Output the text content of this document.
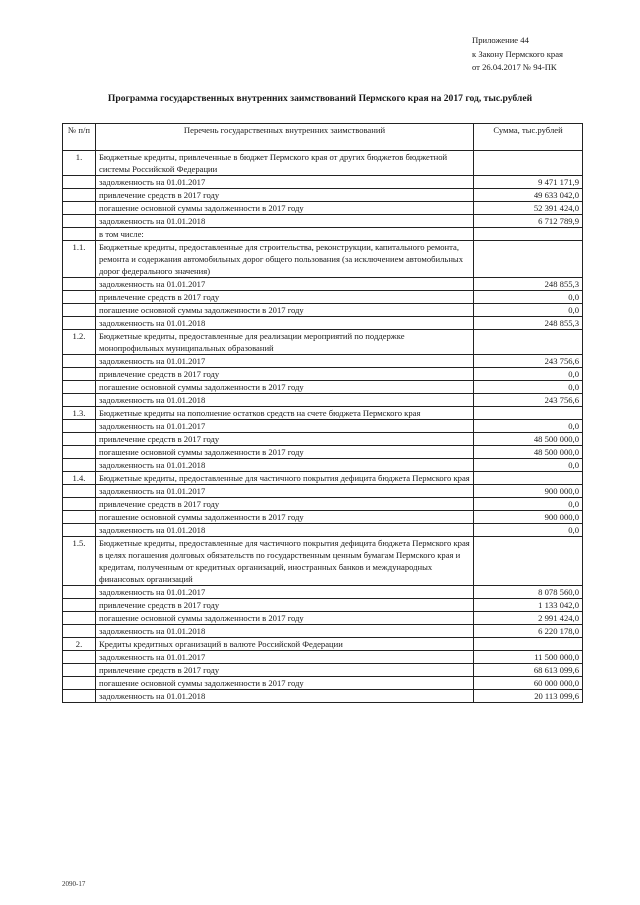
Приложение 44
к Закону Пермского края
от 26.04.2017 № 94-ПК
Программа государственных внутренних заимствований Пермского края на 2017 год, тыс.рублей
№ п/п	Перечень государственных внутренних заимствований	Сумма, тыс.рублей
1.	Бюджетные кредиты, привлеченные в бюджет Пермского края от других бюджетов бюджетной системы Российской Федерации	
	задолженность на 01.01.2017	9 471 171,9
	привлечение средств в 2017 году	49 633 042,0
	погашение основной суммы задолженности в 2017 году	52 391 424,0
	задолженность на 01.01.2018	6 712 789,9
	в том числе:	
1.1.	Бюджетные кредиты, предоставленные для строительства, реконструкции, капитального ремонта, ремонта и содержания автомобильных дорог общего пользования (за исключением автомобильных дорог федерального значения)	
	задолженность на 01.01.2017	248 855,3
	привлечение средств в 2017 году	0,0
	погашение основной суммы задолженности в 2017 году	0,0
	задолженность на 01.01.2018	248 855,3
1.2.	Бюджетные кредиты, предоставленные для реализации мероприятий по поддержке монопрофильных муниципальных образований	
	задолженность на 01.01.2017	243 756,6
	привлечение средств в 2017 году	0,0
	погашение основной суммы задолженности в 2017 году	0,0
	задолженность на 01.01.2018	243 756,6
1.3.	Бюджетные кредиты на пополнение остатков средств на счете бюджета Пермского края	
	задолженность на 01.01.2017	0,0
	привлечение средств в 2017 году	48 500 000,0
	погашение основной суммы задолженности в 2017 году	48 500 000,0
	задолженность на 01.01.2018	0,0
1.4.	Бюджетные кредиты, предоставленные для частичного покрытия дефицита бюджета Пермского края	
	задолженность на 01.01.2017	900 000,0
	привлечение средств в 2017 году	0,0
	погашение основной суммы задолженности в 2017 году	900 000,0
	задолженность на 01.01.2018	0,0
1.5.	Бюджетные кредиты, предоставленные для частичного покрытия дефицита бюджета Пермского края в целях погашения долговых обязательств по государственным ценным бумагам Пермского края и кредитам, полученным от кредитных организаций, иностранных банков и международных финансовых организаций	
	задолженность на 01.01.2017	8 078 560,0
	привлечение средств в 2017 году	1 133 042,0
	погашение основной суммы задолженности в 2017 году	2 991 424,0
	задолженность на 01.01.2018	6 220 178,0
2.	Кредиты кредитных организаций в валюте Российской Федерации	
	задолженность на 01.01.2017	11 500 000,0
	привлечение средств в 2017 году	68 613 099,6
	погашение основной суммы задолженности в 2017 году	60 000 000,0
	задолженность на 01.01.2018	20 113 099,6
2090-17
